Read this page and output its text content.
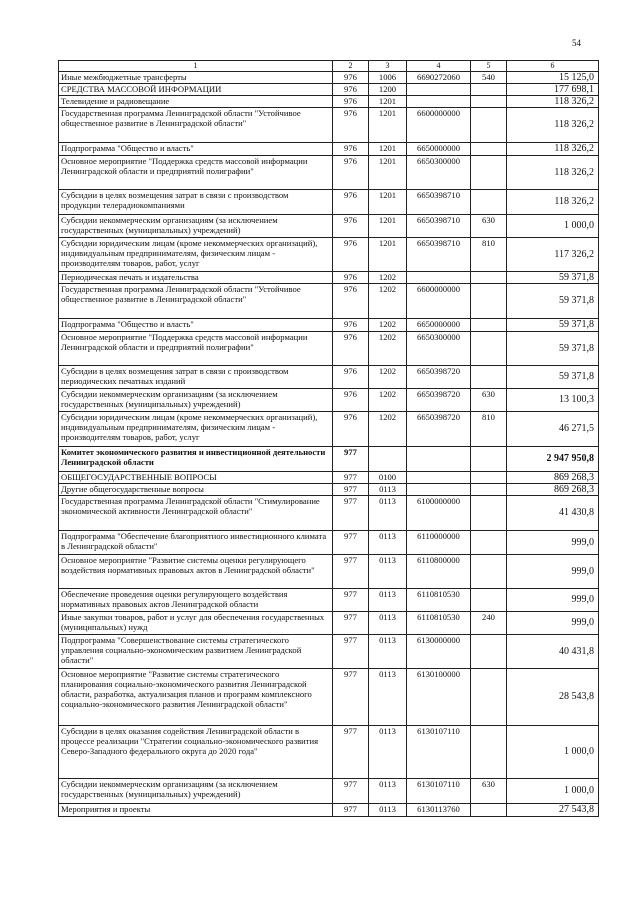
54
1	2	3	4	5	6
Иные межбюджетные трансферты	976	1006	6690272060	540	15 125,0
СРЕДСТВА МАССОВОЙ ИНФОРМАЦИИ	976	1200			177 698,1
Телевидение и радиовещание	976	1201			118 326,2
Государственная программа Ленинградской области "Устойчивое общественное развитие в Ленинградской области"	976	1201	6600000000		118 326,2
Подпрограмма "Общество и власть"	976	1201	6650000000		118 326,2
Основное мероприятие "Поддержка средств массовой информации Ленинградской области и предприятий полиграфии"	976	1201	6650300000		118 326,2
Субсидии в целях возмещения затрат в связи с производством продукции телерадиокомпаниями	976	1201	6650398710		118 326,2
Субсидии некоммерческим организациям (за исключением государственных (муниципальных) учреждений)	976	1201	6650398710	630	1 000,0
Субсидии юридическим лицам (кроме некоммерческих организаций), индивидуальным предпринимателям, физическим лицам - производителям товаров, работ, услуг	976	1201	6650398710	810	117 326,2
Периодическая печать и издательства	976	1202			59 371,8
Государственная программа Ленинградской области "Устойчивое общественное развитие в Ленинградской области"	976	1202	6600000000		59 371,8
Подпрограмма "Общество и власть"	976	1202	6650000000		59 371,8
Основное мероприятие "Поддержка средств массовой информации Ленинградской области и предприятий полиграфии"	976	1202	6650300000		59 371,8
Субсидии в целях возмещения затрат в связи с производством периодических печатных изданий	976	1202	6650398720		59 371,8
Субсидии некоммерческим организациям (за исключением государственных (муниципальных) учреждений)	976	1202	6650398720	630	13 100,3
Субсидии юридическим лицам (кроме некоммерческих организаций), индивидуальным предпринимателям, физическим лицам - производителям товаров, работ, услуг	976	1202	6650398720	810	46 271,5
Комитет экономического развития и инвестиционной деятельности Ленинградской области	977				2 947 950,8
ОБЩЕГОСУДАРСТВЕННЫЕ ВОПРОСЫ	977	0100			869 268,3
Другие общегосударственные вопросы	977	0113			869 268,3
Государственная программа Ленинградской области "Стимулирование экономической активности Ленинградской области"	977	0113	6100000000		41 430,8
Подпрограмма "Обеспечение благоприятного инвестиционного климата в Ленинградской области"	977	0113	6110000000		999,0
Основное мероприятие "Развитие системы оценки регулирующего воздействия нормативных правовых актов в Ленинградской области"	977	0113	6110800000		999,0
Обеспечение проведения оценки регулирующего воздействия нормативных правовых актов Ленинградской области	977	0113	6110810530		999,0
Иные закупки товаров, работ и услуг для обеспечения государственных (муниципальных) нужд	977	0113	6110810530	240	999,0
Подпрограмма "Совершенствование системы стратегического управления социально-экономическим развитием Ленинградской области"	977	0113	6130000000		40 431,8
Основное мероприятие "Развитие системы стратегического планирования социально-экономического развития Ленинградской области, разработка, актуализация планов и программ комплексного социально-экономического развития Ленинградской области"	977	0113	6130100000		28 543,8
Субсидии в целях оказания содействия Ленинградской области в процессе реализации "Стратегии социально-экономического развития Северо-Западного федерального округа до 2020 года"	977	0113	6130107110		1 000,0
Субсидии некоммерческим организациям (за исключением государственных (муниципальных) учреждений)	977	0113	6130107110	630	1 000,0
Мероприятия и проекты	977	0113	6130113760		27 543,8
